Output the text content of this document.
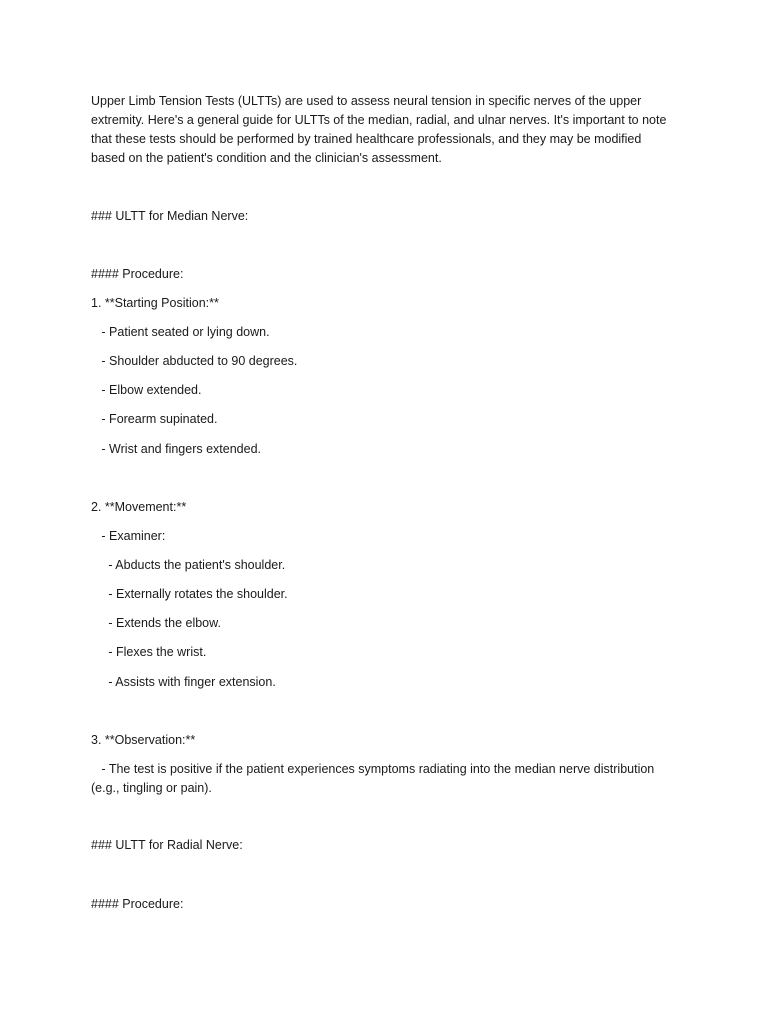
Upper Limb Tension Tests (ULTTs) are used to assess neural tension in specific nerves of the upper
extremity. Here's a general guide for ULTTs of the median, radial, and ulnar nerves. It's important to note
that these tests should be performed by trained healthcare professionals, and they may be modified
based on the patient's condition and the clinician's assessment.
### ULTT for Median Nerve:
#### Procedure:
1. **Starting Position:**
- Patient seated or lying down.
- Shoulder abducted to 90 degrees.
- Elbow extended.
- Forearm supinated.
- Wrist and fingers extended.
2. **Movement:**
- Examiner:
- Abducts the patient's shoulder.
- Externally rotates the shoulder.
- Extends the elbow.
- Flexes the wrist.
- Assists with finger extension.
3. **Observation:**
- The test is positive if the patient experiences symptoms radiating into the median nerve distribution
(e.g., tingling or pain).
### ULTT for Radial Nerve:
#### Procedure:
